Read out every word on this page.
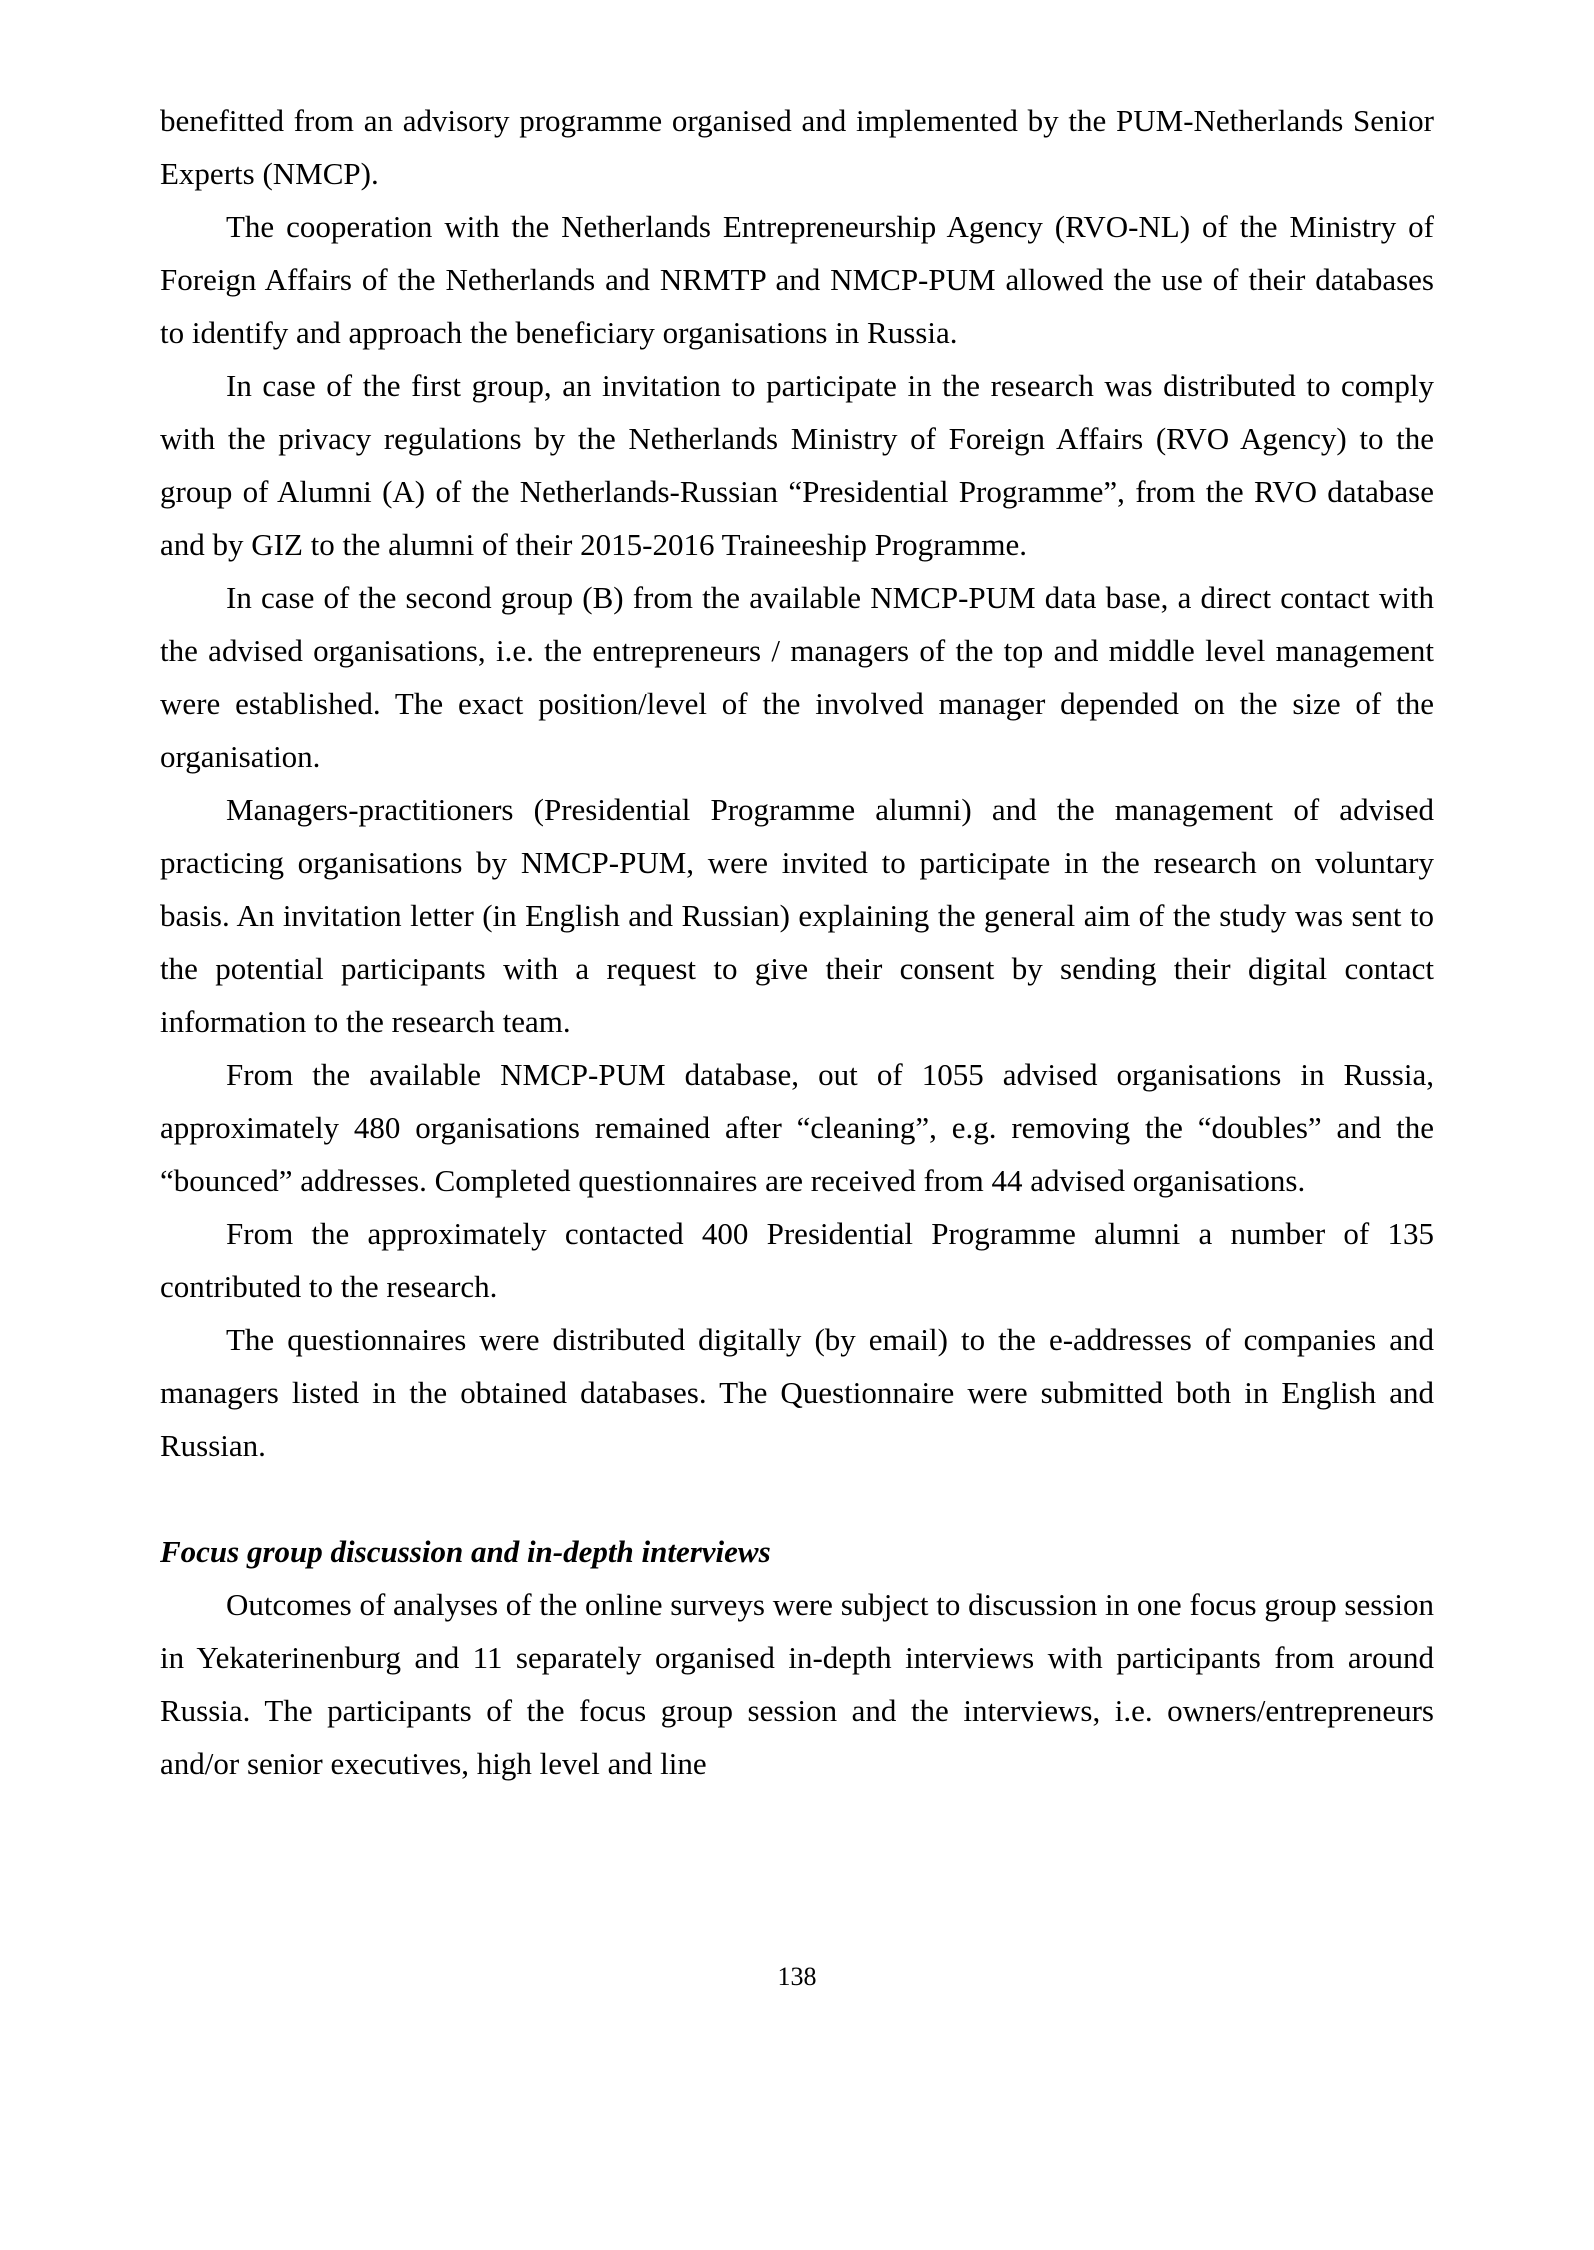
benefitted from an advisory programme organised and implemented by the PUM-Netherlands Senior Experts (NMCP).

The cooperation with the Netherlands Entrepreneurship Agency (RVO-NL) of the Ministry of Foreign Affairs of the Netherlands and NRMTP and NMCP-PUM allowed the use of their databases to identify and approach the beneficiary organisations in Russia.

In case of the first group, an invitation to participate in the research was distributed to comply with the privacy regulations by the Netherlands Ministry of Foreign Affairs (RVO Agency) to the group of Alumni (A) of the Netherlands-Russian “Presidential Programme”, from the RVO database and by GIZ to the alumni of their 2015-2016 Traineeship Programme.

In case of the second group (B) from the available NMCP-PUM data base, a direct contact with the advised organisations, i.e. the entrepreneurs / managers of the top and middle level management were established. The exact position/level of the involved manager depended on the size of the organisation.

Managers-practitioners (Presidential Programme alumni) and the management of advised practicing organisations by NMCP-PUM, were invited to participate in the research on voluntary basis. An invitation letter (in English and Russian) explaining the general aim of the study was sent to the potential participants with a request to give their consent by sending their digital contact information to the research team.

From the available NMCP-PUM database, out of 1055 advised organisations in Russia, approximately 480 organisations remained after “cleaning”, e.g. removing the “doubles” and the “bounced” addresses. Completed questionnaires are received from 44 advised organisations.

From the approximately contacted 400 Presidential Programme alumni a number of 135 contributed to the research.

The questionnaires were distributed digitally (by email) to the e-addresses of companies and managers listed in the obtained databases. The Questionnaire were submitted both in English and Russian.

Focus group discussion and in-depth interviews

Outcomes of analyses of the online surveys were subject to discussion in one focus group session in Yekaterinenburg and 11 separately organised in-depth interviews with participants from around Russia. The participants of the focus group session and the interviews, i.e. owners/entrepreneurs and/or senior executives, high level and line

138
